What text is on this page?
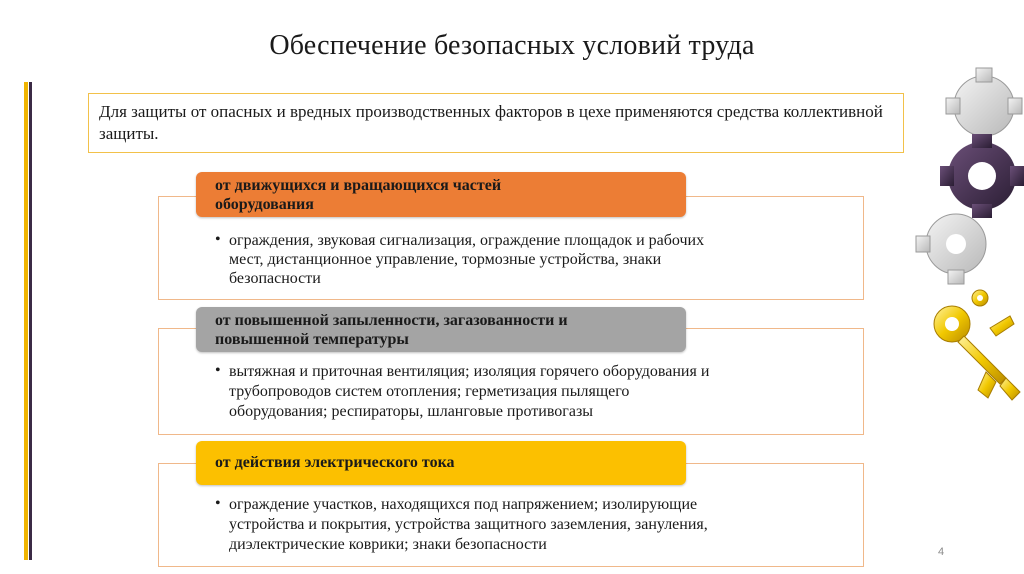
Обеспечение безопасных условий труда
Для защиты от опасных и вредных производственных факторов в цехе применяются средства коллективной защиты.
• ограждения, звуковая сигнализация, ограждение площадок и рабочих
мест, дистанционное управление, тормозные устройства, знаки
безопасности
от движущихся и вращающихся частей
оборудования
• вытяжная и приточная вентиляция; изоляция горячего оборудования и
трубопроводов систем отопления; герметизация пылящего
оборудования; респираторы, шланговые противогазы
от повышенной запыленности, загазованности и
повышенной температуры
• ограждение участков, находящихся под напряжением; изолирующие
устройства и покрытия, устройства защитного заземления, зануления,
диэлектрические коврики; знаки безопасности
от действия электрического тока
4
